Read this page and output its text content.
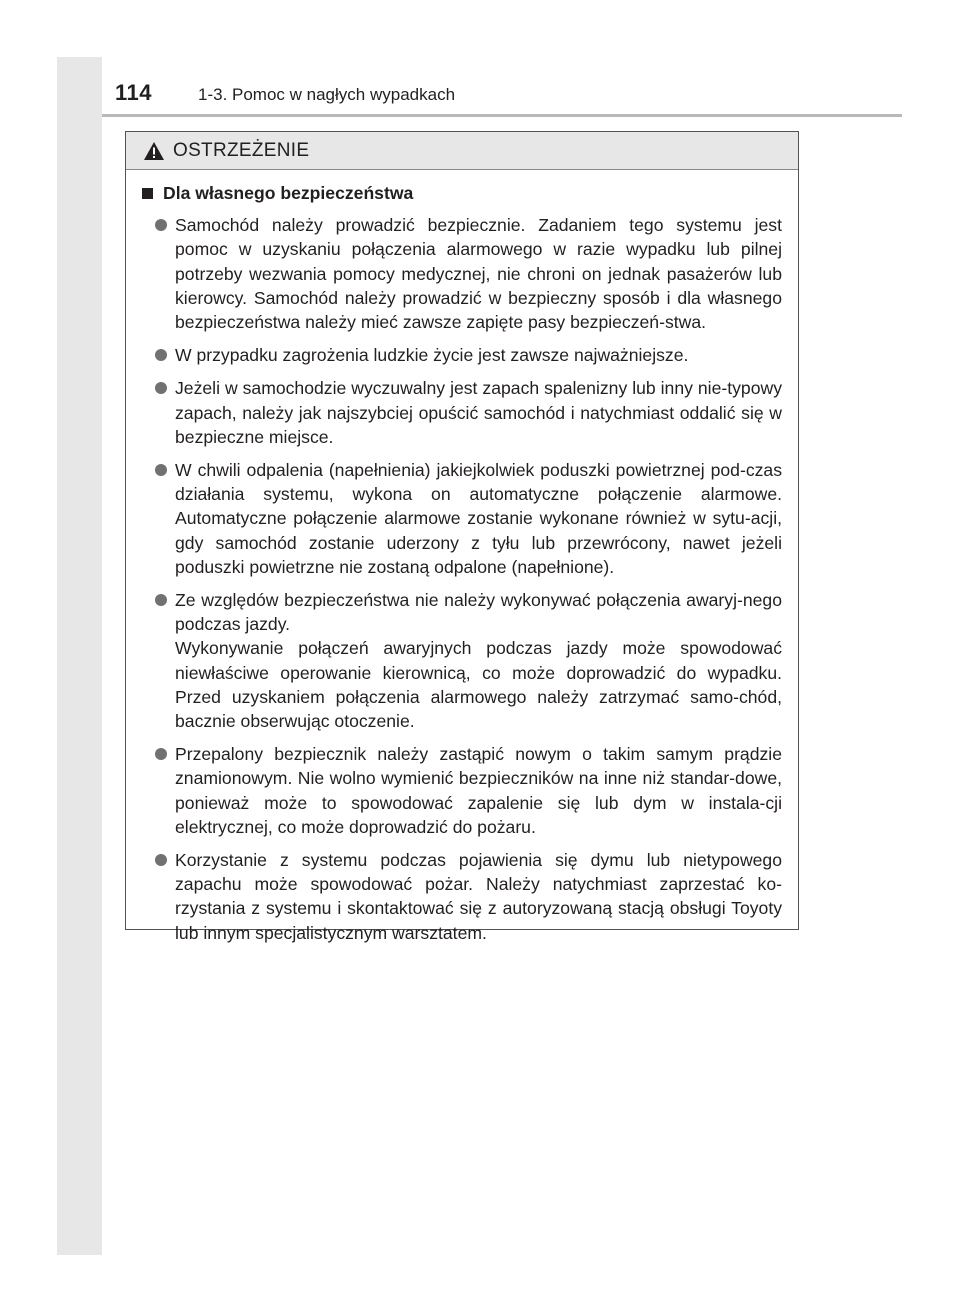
114	1-3. Pomoc w nagłych wypadkach
OSTRZEŻENIE
Dla własnego bezpieczeństwa
Samochód należy prowadzić bezpiecznie. Zadaniem tego systemu jest pomoc w uzyskaniu połączenia alarmowego w razie wypadku lub pilnej potrzeby wezwania pomocy medycznej, nie chroni on jednak pasażerów lub kierowcy. Samochód należy prowadzić w bezpieczny sposób i dla własnego bezpieczeństwa należy mieć zawsze zapięte pasy bezpieczeń-stwa.
W przypadku zagrożenia ludzkie życie jest zawsze najważniejsze.
Jeżeli w samochodzie wyczuwalny jest zapach spalenizny lub inny nie-typowy zapach, należy jak najszybciej opuścić samochód i natychmiast oddalić się w bezpieczne miejsce.
W chwili odpalenia (napełnienia) jakiejkolwiek poduszki powietrznej pod-czas działania systemu, wykona on automatyczne połączenie alarmowe. Automatyczne połączenie alarmowe zostanie wykonane również w sytu-acji, gdy samochód zostanie uderzony z tyłu lub przewrócony, nawet jeżeli poduszki powietrzne nie zostaną odpalone (napełnione).
Ze względów bezpieczeństwa nie należy wykonywać połączenia awaryj-nego podczas jazdy.
Wykonywanie połączeń awaryjnych podczas jazdy może spowodować niewłaściwe operowanie kierownicą, co może doprowadzić do wypadku. Przed uzyskaniem połączenia alarmowego należy zatrzymać samo-chód, bacznie obserwując otoczenie.
Przepalony bezpiecznik należy zastąpić nowym o takim samym prądzie znamionowym. Nie wolno wymienić bezpieczników na inne niż standar-dowe, ponieważ może to spowodować zapalenie się lub dym w instala-cji elektrycznej, co może doprowadzić do pożaru.
Korzystanie z systemu podczas pojawienia się dymu lub nietypowego zapachu może spowodować pożar. Należy natychmiast zaprzestać ko-rzystania z systemu i skontaktować się z autoryzowaną stacją obsługi Toyoty lub innym specjalistycznym warsztatem.
